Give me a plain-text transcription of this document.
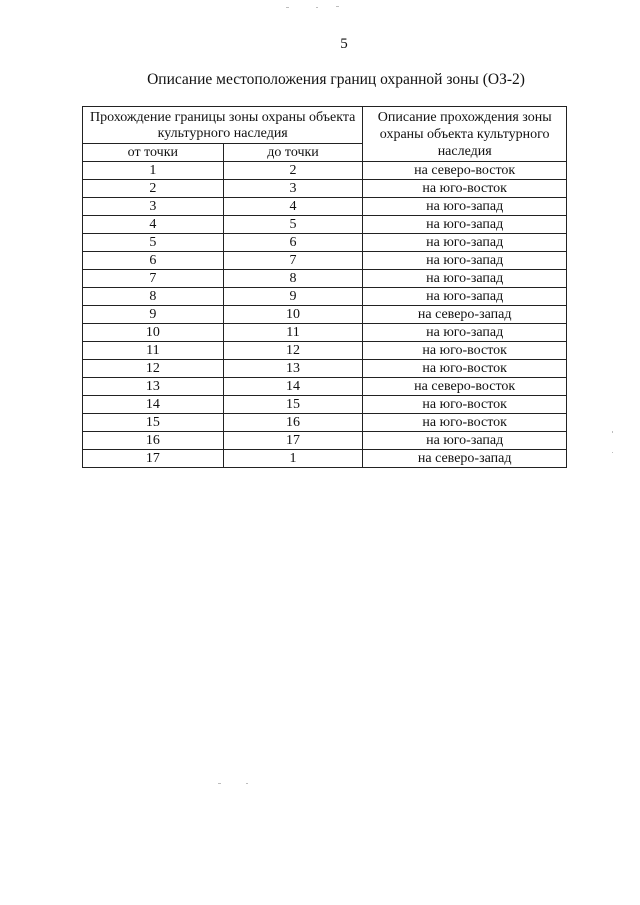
5
Описание местоположения границ охранной зоны (ОЗ-2)
Прохождение границы зоны охраны объекта культурного наследия		Описание прохождения зоны охраны объекта культурного наследия
от точки	до точки	
1	2	на северо-восток
2	3	на юго-восток
3	4	на юго-запад
4	5	на юго-запад
5	6	на юго-запад
6	7	на юго-запад
7	8	на юго-запад
8	9	на юго-запад
9	10	на северо-запад
10	11	на юго-запад
11	12	на юго-восток
12	13	на юго-восток
13	14	на северо-восток
14	15	на юго-восток
15	16	на юго-восток
16	17	на юго-запад
17	1	на северо-запад
